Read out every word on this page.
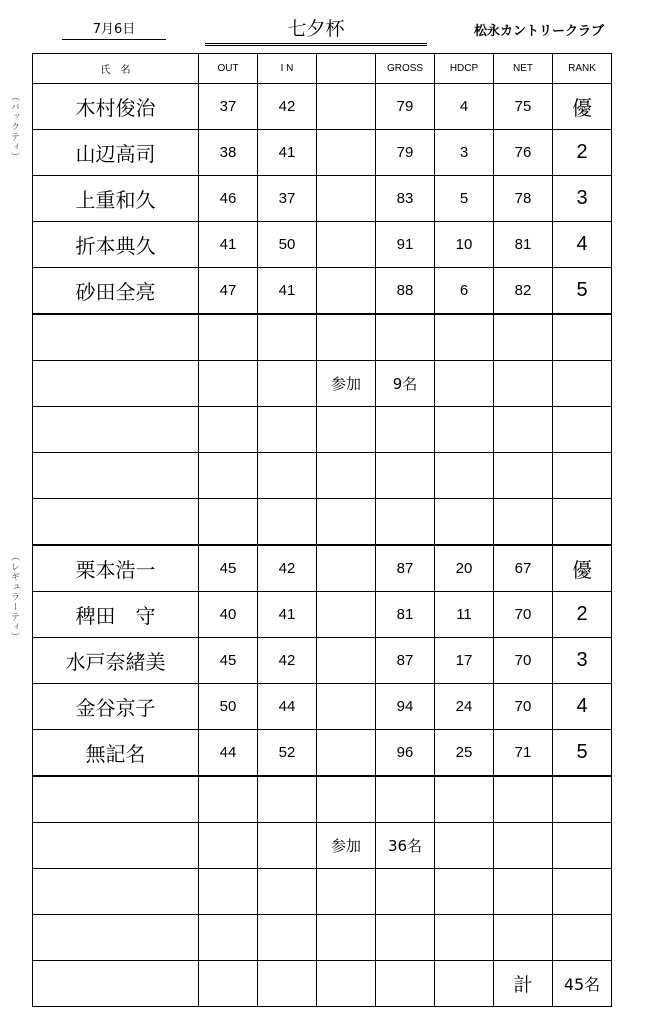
7月6日	七夕杯	松永カントリークラブ
（バックティ）
（レギュラーティ）
氏　名	OUT	I N		GROSS	HDCP	NET	RANK
木村俊治	37	42		79	4	75	優
山辺高司	38	41		79	3	76	2
上重和久	46	37		83	5	78	3
折本典久	41	50		91	10	81	4
砂田全亮	47	41		88	6	82	5

			参加	9名			

栗本浩一	45	42		87	20	67	優
稗田　守	40	41		81	11	70	2
水戸奈緒美	45	42		87	17	70	3
金谷京子	50	44		94	24	70	4
無記名	44	52		96	25	71	5

			参加	36名			

						計	45名
